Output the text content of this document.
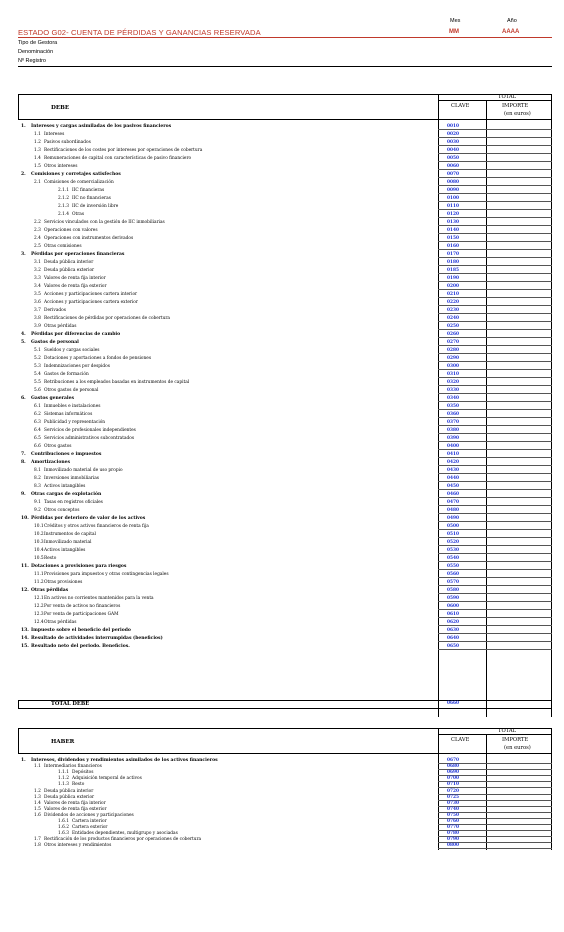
Mes	Año
ESTADO G02- CUENTA DE PÉRDIDAS Y GANANCIAS RESERVADA	MM	AAAA
Tipo de Gestora
Denominación
Nº Registro
DEBE
TOTAL
CLAVE	IMPORTE
(en euros)
1. Intereses y cargas asimiladas de los pasivos financieros	0010
1.1 Intereses	0020
1.2 Pasivos subordinados	0030
1.3 Rectificaciones de los costes por intereses por operaciones de cobertura	0040
1.4 Remuneraciones de capital con características de pasivo financiero	0050
1.5 Otros intereses	0060
2. Comisiones y corretajes satisfechos	0070
2.1 Comisiones de comercialización	0080
2.1.1 IIC financieras	0090
2.1.2 IIC no financieras	0100
2.1.3 IIC de inversión libre	0110
2.1.4 Otras	0120
2.2 Servicios vinculados con la gestión de IIC inmobiliarias	0130
2.3 Operaciones con valores	0140
2.4 Operaciones con instrumentos derivados	0150
2.5 Otras comisiones	0160
3. Pérdidas por operaciones financieras	0170
3.1 Deuda pública interior	0180
3.2 Deuda pública exterior	0185
3.3 Valores de renta fija interior	0190
3.4 Valores de renta fija exterior	0200
3.5 Acciones y participaciones cartera interior	0210
3.6 Acciones y participaciones cartera exterior	0220
3.7 Derivados	0230
3.8 Rectificaciones de pérdidas por operaciones de cobertura	0240
3.9 Otras pérdidas	0250
4. Pérdidas por diferencias de cambio	0260
5. Gastos de personal	0270
5.1 Sueldos y cargas sociales	0280
5.2 Dotaciones y aportaciones a fondos de pensiones	0290
5.3 Indemnizaciones por despidos	0300
5.4 Gastos de formación	0310
5.5 Retribuciones a los empleados basadas en instrumentos de capital	0320
5.6 Otros gastos de personal	0330
6. Gastos generales	0340
6.1 Inmuebles e instalaciones	0350
6.2 Sistemas informáticos	0360
6.3 Publicidad y representación	0370
6.4 Servicios de profesionales independientes	0380
6.5 Servicios administrativos subcontratados	0390
6.6 Otros gastos	0400
7. Contribuciones e impuestos	0410
8. Amortizaciones	0420
8.1 Inmovilizado material de uso propio	0430
8.2 Inversiones inmobiliarias	0440
8.3 Activos intangibles	0450
9. Otras cargas de explotación	0460
9.1 Tasas en registros oficiales	0470
9.2 Otros conceptos	0480
10. Pérdidas por deterioro de valor de los activos	0490
10.1 Créditos y otros activos financieros de renta fija	0500
10.2 Instrumentos de capital	0510
10.3 Inmovilizado material	0520
10.4 Activos intangibles	0530
10.5 Resto	0540
11. Dotaciones a provisiones para riesgos	0550
11.1 Provisiones para impuestos y otras contingencias legales	0560
11.2 Otras provisiones	0570
12. Otras pérdidas	0580
12.1 En activos no corrientes mantenidos para la venta	0590
12.2 Por venta de activos no financieros	0600
12.3 Por venta de participaciones GAM	0610
12.4 Otras pérdidas	0620
13. Impuesto sobre el beneficio del periodo	0630
14. Resultado de actividades interrumpidas (beneficios)	0640
15. Resultado neto del periodo. Beneficios.	0650
TOTAL DEBE	0660
HABER
TOTAL
CLAVE	IMPORTE
(en euros)
1. Intereses, dividendos y rendimientos asimilados de los activos financieros	0670
1.1 Intermediarios financieros	0680
1.1.1 Depósitos	0690
1.1.2 Adquisición temporal de activos	0700
1.1.3 Resto	0710
1.2 Deuda pública interior	0720
1.3 Deuda pública exterior	0725
1.4 Valores de renta fija interior	0730
1.5 Valores de renta fija exterior	0740
1.6 Dividendos de acciones y participaciones	0750
1.6.1 Cartera interior	0760
1.6.2 Cartera exterior	0770
1.6.3 Entidades dependientes, multigrupo y asociadas	0780
1.7 Rectificación de los productos financieros por operaciones de cobertura	0790
1.8 Otros intereses y rendimientos	0800
